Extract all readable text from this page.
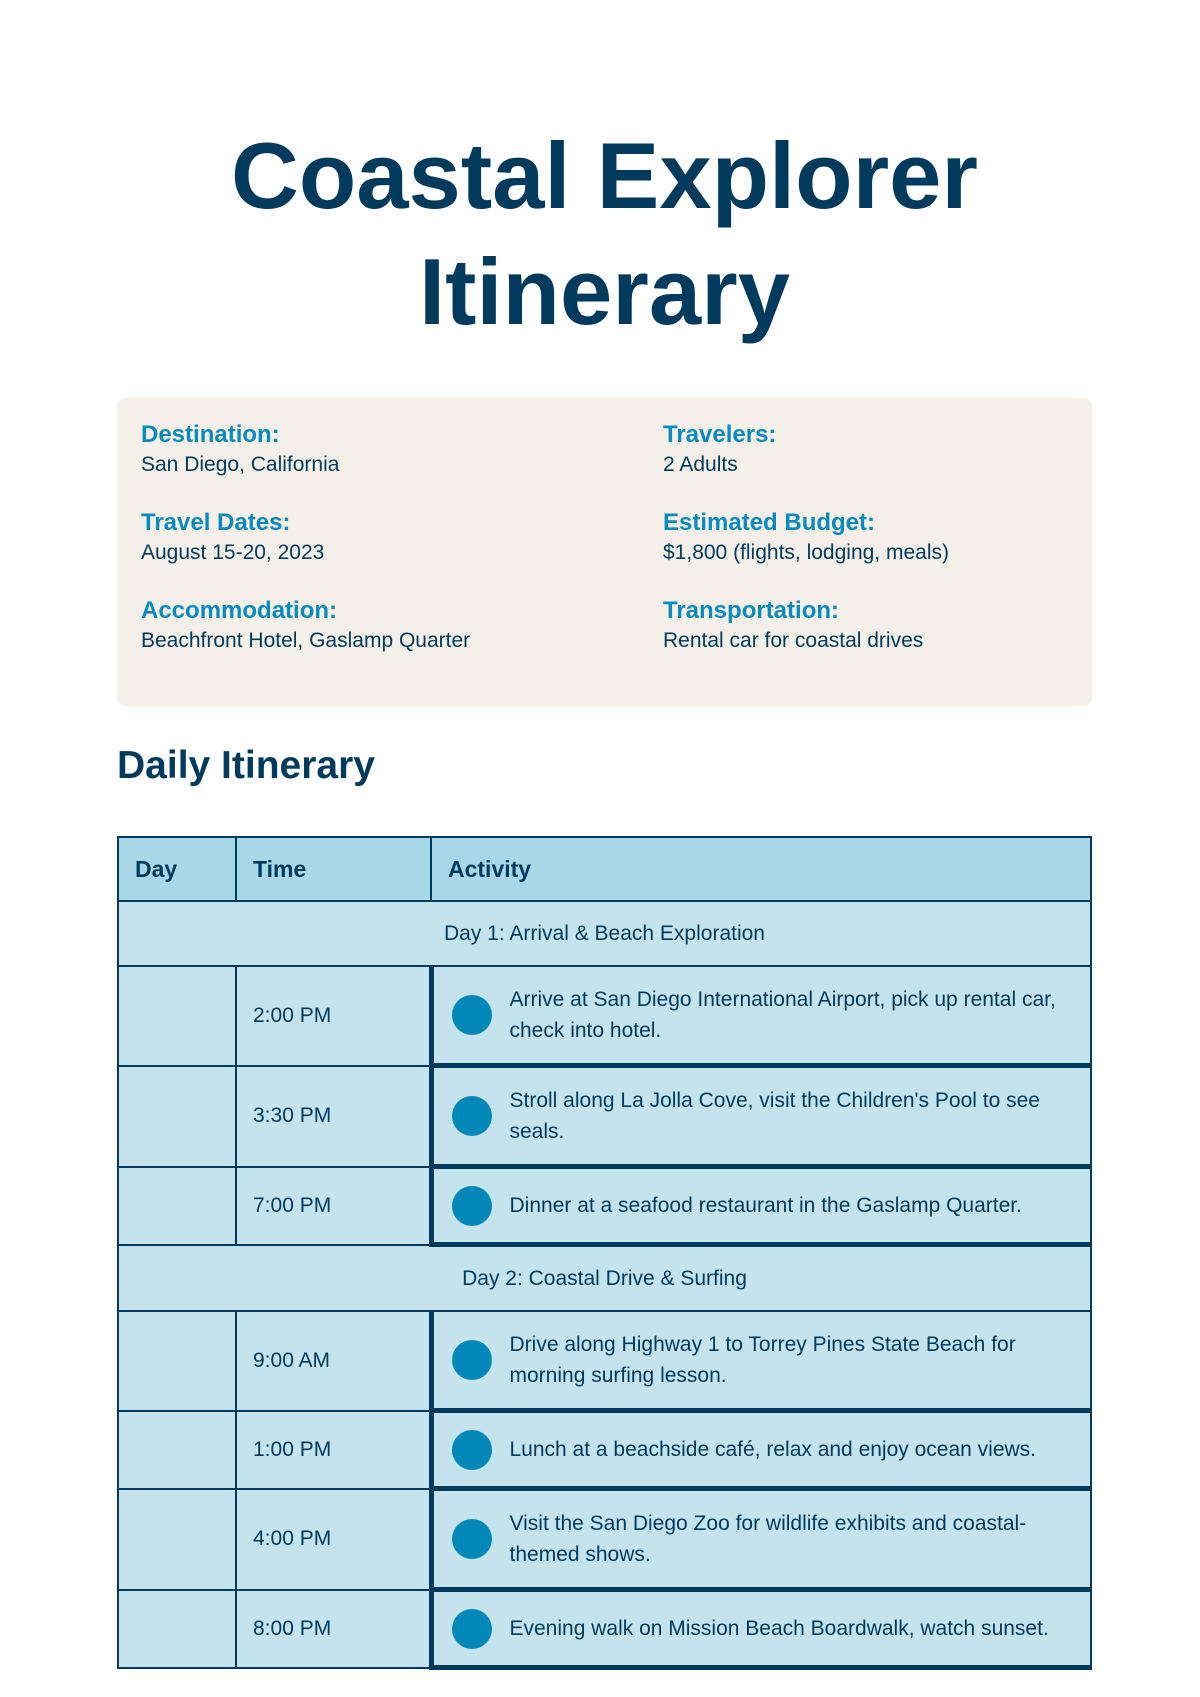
Coastal Explorer Itinerary
Destination:
San Diego, California
Travelers:
2 Adults
Travel Dates:
August 15-20, 2023
Estimated Budget:
$1,800 (flights, lodging, meals)
Accommodation:
Beachfront Hotel, Gaslamp Quarter
Transportation:
Rental car for coastal drives
Daily Itinerary
Day	Time	Activity
Day 1: Arrival & Beach Exploration		
	2:00 PM	Arrive at San Diego International Airport, pick up rental car, check into hotel.

	3:30 PM	Stroll along La Jolla Cove, visit the Children's Pool to see seals.

	7:00 PM	Dinner at a seafood restaurant in the Gaslamp Quarter.

Day 2: Coastal Drive & Surfing		
	9:00 AM	Drive along Highway 1 to Torrey Pines State Beach for morning surfing lesson.

	1:00 PM	Lunch at a beachside café, relax and enjoy ocean views.

	4:00 PM	Visit the San Diego Zoo for wildlife exhibits and coastal-themed shows.

	8:00 PM	Evening walk on Mission Beach Boardwalk, watch sunset.
